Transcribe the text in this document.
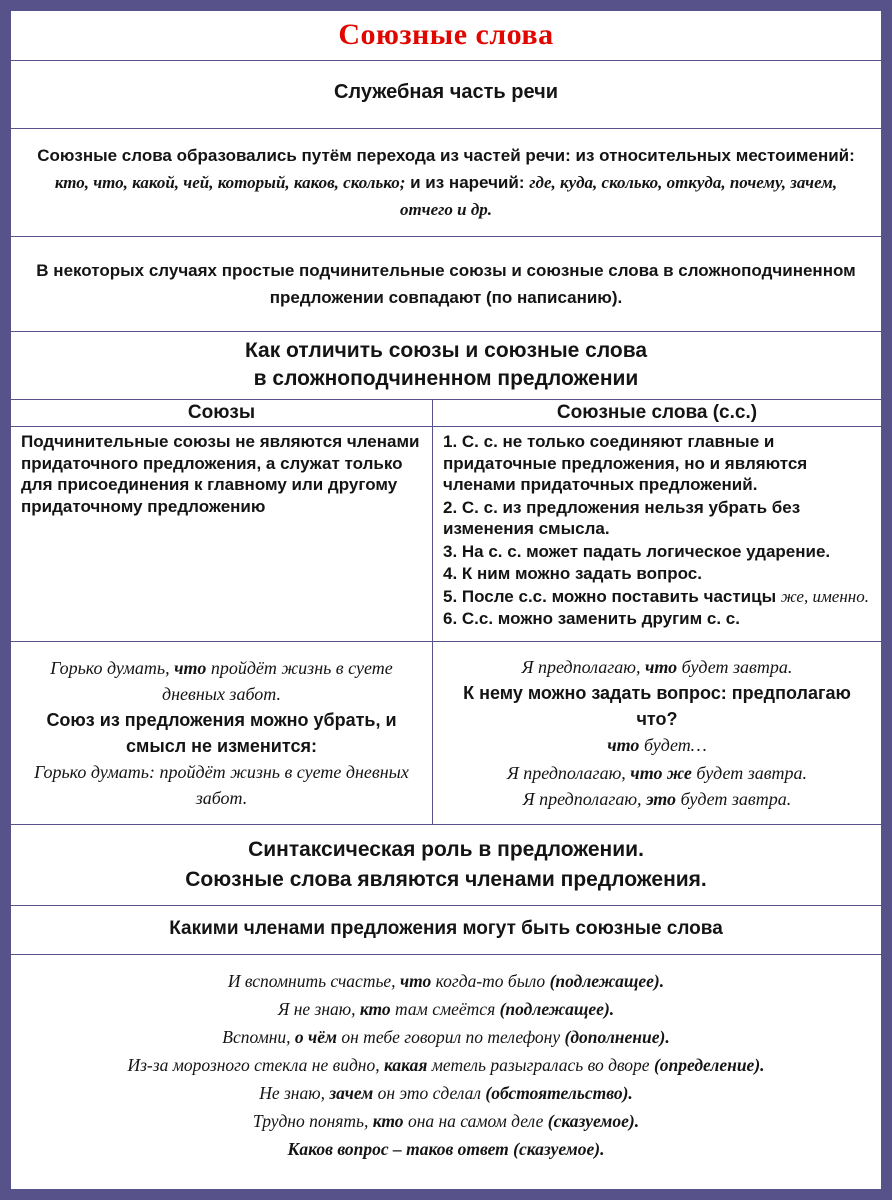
Союзные слова
Служебная часть речи

Союзные слова образовались путём перехода из частей речи: из относительных местоимений: кто, что, какой, чей, который, каков, сколько; и из наречий: где, куда, сколько, откуда, почему, зачем, отчего и др.

В некоторых случаях простые подчинительные союзы и союзные слова в сложноподчиненном предложении совпадают (по написанию).

Как отличить союзы и союзные слова
в сложноподчиненном предложении
Союзы

Подчинительные союзы не являются членами придаточного предложения, а служат только для присоединения к главному или другому придаточному предложению

Союзные слова (с.с.)

1. С. с. не только соединяют главные и придаточные предложения, но и являются членами придаточных предложений.

2. С. с. из предложения нельзя убрать без изменения смысла.

3. На с. с. может падать логическое ударение.

4. К ним можно задать вопрос.

5. После с.с. можно поставить частицы же, именно.

6. С.с. можно заменить другим с. с.

Горько думать, что пройдёт жизнь в суете дневных забот.

Союз из предложения можно убрать, и смысл не изменится:

Горько думать: пройдёт жизнь в суете дневных забот.

Я предполагаю, что будет завтра.

К нему можно задать вопрос: предполагаю что?

что будет…

Я предполагаю, что же будет завтра.

Я предполагаю, это будет завтра.

Синтаксическая роль в предложении.
Союзные слова являются членами предложения.
Какими членами предложения могут быть союзные слова

И вспомнить счастье, что когда-то было (подлежащее).

Я не знаю, кто там смеётся (подлежащее).

Вспомни, о чём он тебе говорил по телефону (дополнение).

Из-за морозного стекла не видно, какая метель разыгралась во дворе (определение).

Не знаю, зачем он это сделал (обстоятельство).

Трудно понять, кто она на самом деле (сказуемое).

Каков вопрос – таков ответ (сказуемое).
